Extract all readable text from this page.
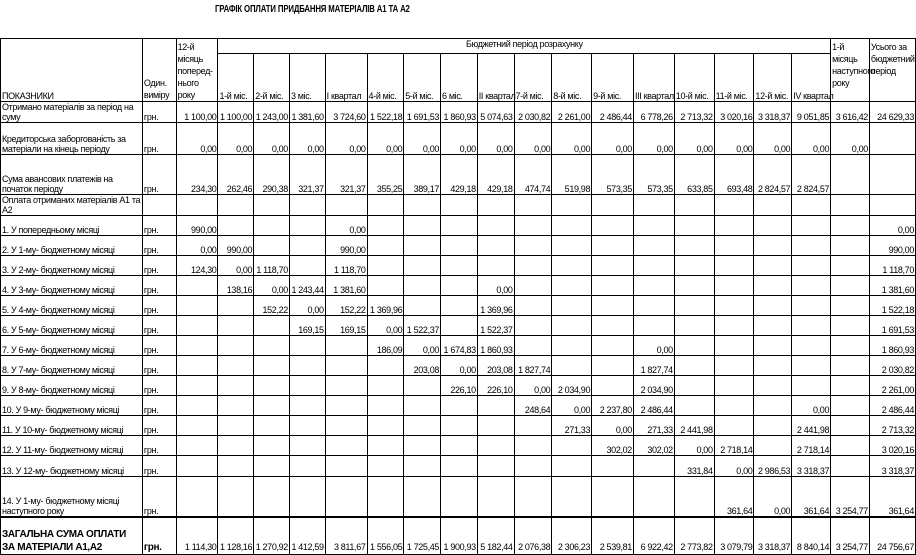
ГРАФІК ОПЛАТИ ПРИДБАННЯ МАТЕРІАЛІВ А1 ТА А2
ПОКАЗНИКИ	Один. виміру	12-й місяць поперед-нього року	Бюджетний період розрахунку																1-й місяць наступного року	Усього за бюджетний період
			1-й міс.	2-й міс.	3 міс.	I квартал	4-й міс.	5-й міс.	6 міс.	II квартал	7-й міс.	8-й міс.	9-й міс.	III квартал	10-й міс.	11-й міс.	12-й міс.	IV квартал		
Отримано матеріалів за період на суму	грн.	1 100,00	1 100,00	1 243,00	1 381,60	3 724,60	1 522,18	1 691,53	1 860,93	5 074,63	2 030,82	2 261,00	2 486,44	6 778,26	2 713,32	3 020,16	3 318,37	9 051,85	3 616,42	24 629,33
Кредиторська заборгованість за матеріали на кінець періоду	грн.	0,00	0,00	0,00	0,00	0,00	0,00	0,00	0,00	0,00	0,00	0,00	0,00	0,00	0,00	0,00	0,00	0,00	0,00	
Сума авансових платежів на початок періоду	грн.	234,30	262,46	290,38	321,37	321,37	355,25	389,17	429,18	429,18	474,74	519,98	573,35	573,35	633,85	693,48	2 824,57	2 824,57		
Оплата отриманих матеріалів А1 та А2																				
1. У попередньому місяці	грн.	990,00				0,00														0,00
2. У 1-му- бюджетному місяці	грн.	0,00	990,00			990,00														990,00
3. У 2-му- бюджетному місяці	грн.	124,30	0,00	1 118,70		1 118,70														1 118,70
4. У 3-му- бюджетному місяці	грн.		138,16	0,00	1 243,44	1 381,60				0,00										1 381,60
5. У 4-му- бюджетному місяці	грн.			152,22	0,00	152,22	1 369,96			1 369,96										1 522,18
6. У 5-му- бюджетному місяці	грн.				169,15	169,15	0,00	1 522,37		1 522,37										1 691,53
7. У 6-му- бюджетному місяці	грн.						186,09	0,00	1 674,83	1 860,93				0,00						1 860,93
8. У 7-му- бюджетному місяці	грн.							203,08	0,00	203,08	1 827,74			1 827,74						2 030,82
9. У 8-му- бюджетному місяці	грн.								226,10	226,10	0,00	2 034,90		2 034,90						2 261,00
10. У 9-му- бюджетному місяці	грн.										248,64	0,00	2 237,80	2 486,44				0,00		2 486,44
11. У 10-му- бюджетному місяці	грн.											271,33	0,00	271,33	2 441,98			2 441,98		2 713,32
12. У 11-му- бюджетному місяці	грн.												302,02	302,02	0,00	2 718,14		2 718,14		3 020,16
13. У 12-му- бюджетному місяці	грн.														331,84	0,00	2 986,53	3 318,37		3 318,37
14. У 1-му- бюджетному місяці наступного року	грн.															361,64	0,00	361,64	3 254,77	361,64
ЗАГАЛЬНА СУМА ОПЛАТИ ЗА МАТЕРІАЛИ А1,А2	грн.	1 114,30	1 128,16	1 270,92	1 412,59	3 811,67	1 556,05	1 725,45	1 900,93	5 182,44	2 076,38	2 306,23	2 539,81	6 922,42	2 773,82	3 079,79	3 318,37	8 840,14	3 254,77	24 756,67
